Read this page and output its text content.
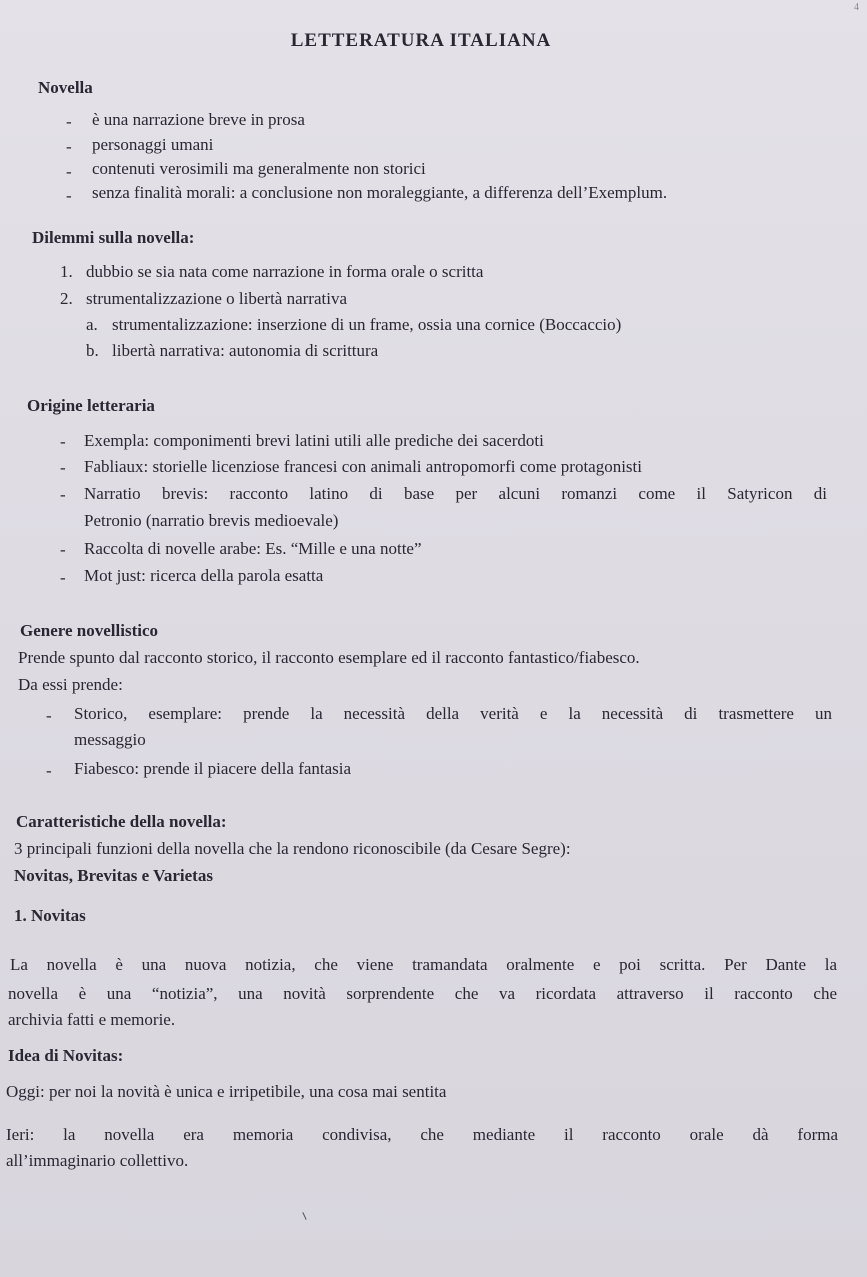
4
LETTERATURA ITALIANA
Novella
- è una narrazione breve in prosa
- personaggi umani
- contenuti verosimili ma generalmente non storici
- senza finalità morali: a conclusione non moraleggiante, a differenza dell’Exemplum.
Dilemmi sulla novella:
1. dubbio se sia nata come narrazione in forma orale o scritta
2. strumentalizzazione o libertà narrativa
a. strumentalizzazione: inserzione di un frame, ossia una cornice (Boccaccio)
b. libertà narrativa: autonomia di scrittura
Origine letteraria
- Exempla: componimenti brevi latini utili alle prediche dei sacerdoti
- Fabliaux: storielle licenziose francesi con animali antropomorfi come protagonisti
- Narratio brevis: racconto latino di base per alcuni romanzi come il Satyricon di
Petronio (narratio brevis medioevale)
- Raccolta di novelle arabe: Es. “Mille e una notte”
- Mot just: ricerca della parola esatta
Genere novellistico
Prende spunto dal racconto storico, il racconto esemplare ed il racconto fantastico/fiabesco.
Da essi prende:
- Storico, esemplare: prende la necessità della verità e la necessità di trasmettere un
messaggio
- Fiabesco: prende il piacere della fantasia
Caratteristiche della novella:
3 principali funzioni della novella che la rendono riconoscibile (da Cesare Segre):
Novitas, Brevitas e Varietas
1. Novitas
La novella è una nuova notizia, che viene tramandata oralmente e poi scritta. Per Dante la
novella è una “notizia”, una novità sorprendente che va ricordata attraverso il racconto che
archivia fatti e memorie.
Idea di Novitas:
Oggi: per noi la novità è unica e irripetibile, una cosa mai sentita
Ieri: la novella era memoria condivisa, che mediante il racconto orale dà forma
all’immaginario collettivo.
